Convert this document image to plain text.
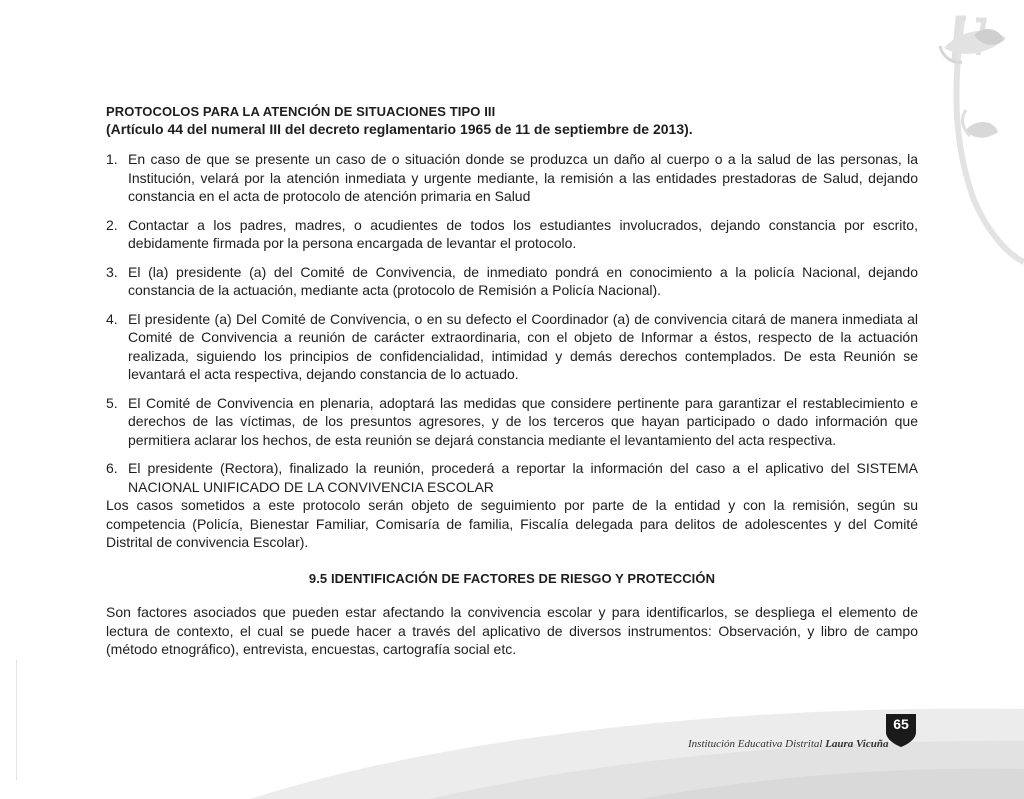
PROTOCOLOS PARA LA ATENCIÓN DE SITUACIONES TIPO III

(Artículo 44 del numeral III del decreto reglamentario 1965 de 11 de septiembre de 2013).

1. En caso de que se presente un caso de o situación donde se produzca un daño al cuerpo o a la salud de las personas, la Institución, velará por la atención inmediata y urgente mediante, la remisión a las entidades prestadoras de Salud, dejando constancia en el acta de protocolo de atención primaria en Salud
2. Contactar a los padres, madres, o acudientes de todos los estudiantes involucrados, dejando constancia por escrito, debidamente firmada por la persona encargada de levantar el protocolo.
3. El (la) presidente (a) del Comité de Convivencia, de inmediato pondrá en conocimiento a la policía Nacional, dejando constancia de la actuación, mediante acta (protocolo de Remisión a Policía Nacional).
4. El presidente (a) Del Comité de Convivencia, o en su defecto el Coordinador (a) de convivencia citará de manera inmediata al Comité de Convivencia a reunión de carácter extraordinaria, con el objeto de Informar a éstos, respecto de la actuación realizada, siguiendo los principios de confidencialidad, intimidad y demás derechos contemplados. De esta Reunión se levantará el acta respectiva, dejando constancia de lo actuado.
5. El Comité de Convivencia en plenaria, adoptará las medidas que considere pertinente para garantizar el restablecimiento e derechos de las víctimas, de los presuntos agresores, y de los terceros que hayan participado o dado información que permitiera aclarar los hechos, de esta reunión se dejará constancia mediante el levantamiento del acta respectiva.
6. El presidente (Rectora), finalizado la reunión, procederá a reportar la información del caso a el aplicativo del SISTEMA NACIONAL UNIFICADO DE LA CONVIVENCIA ESCOLAR

Los casos sometidos a este protocolo serán objeto de seguimiento por parte de la entidad y con la remisión, según su competencia (Policía, Bienestar Familiar, Comisaría de familia, Fiscalía delegada para delitos de adolescentes y del Comité Distrital de convivencia Escolar).

9.5 IDENTIFICACIÓN DE FACTORES DE RIESGO Y PROTECCIÓN

Son factores asociados que pueden estar afectando la convivencia escolar y para identificarlos, se despliega el elemento de lectura de contexto, el cual se puede hacer a través del aplicativo de diversos instrumentos: Observación, y libro de campo (método etnográfico), entrevista, encuestas, cartografía social etc.

Institución Educativa Distrital Laura Vicuña
65
